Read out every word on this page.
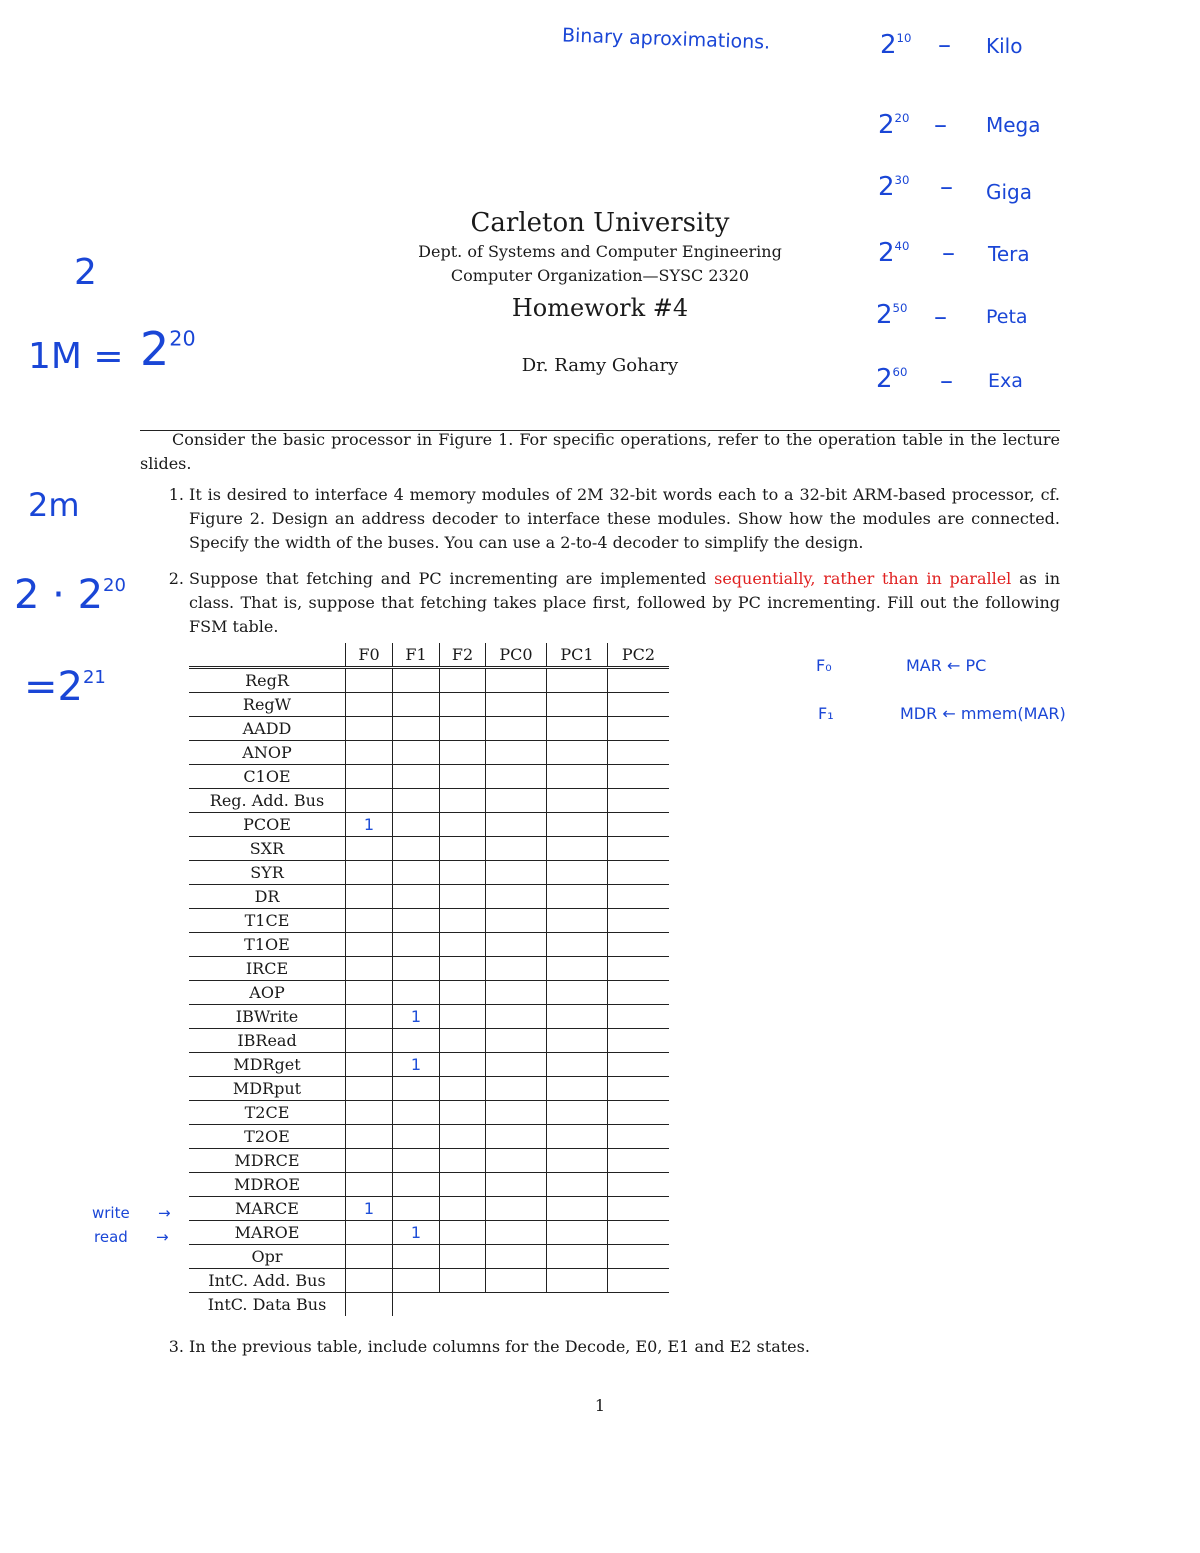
Carleton University
Dept. of Systems and Computer Engineering
Computer Organization—SYSC 2320
Homework #4
Dr. Ramy Gohary
Consider the basic processor in Figure 1. For specific operations, refer to the operation table in the lecture slides.
1. It is desired to interface 4 memory modules of 2M 32-bit words each to a 32-bit ARM-based processor, cf. Figure 2. Design an address decoder to interface these modules. Show how the modules are connected. Specify the width of the buses. You can use a 2-to-4 decoder to simplify the design.
2. Suppose that fetching and PC incrementing are implemented sequentially, rather than in parallel as in class. That is, suppose that fetching takes place first, followed by PC incrementing. Fill out the following FSM table.
	F0	F1	F2	PC0	PC1	PC2
RegR						
RegW						
AADD						
ANOP						
C1OE						
Reg. Add. Bus						
PCOE	1					
SXR						
SYR						
DR						
T1CE						
T1OE						
IRCE						
AOP						
IBWrite		1				
IBRead						
MDRget		1				
MDRput						
T2CE						
T2OE						
MDRCE						
MDROE						
MARCE	1					
MAROE		1				
Opr						
IntC. Add. Bus						
IntC. Data Bus						
3. In the previous table, include columns for the Decode, E0, E1 and E2 states.
1
Binary aproximations.	$2^{10}$ – Kilo
$2^{20}$ – Mega
$2^{30}$ – Giga
$2^{40}$ – Tera
$2^{50}$ – Peta
$2^{60}$ – Exa
2
$1M = 2^{20}$
2m
$2 \cdot 2^{20}$
$=2^{21}$
F₀	MAR ← PC
F₁	MDR ← mmem(MAR)
write →
read →
